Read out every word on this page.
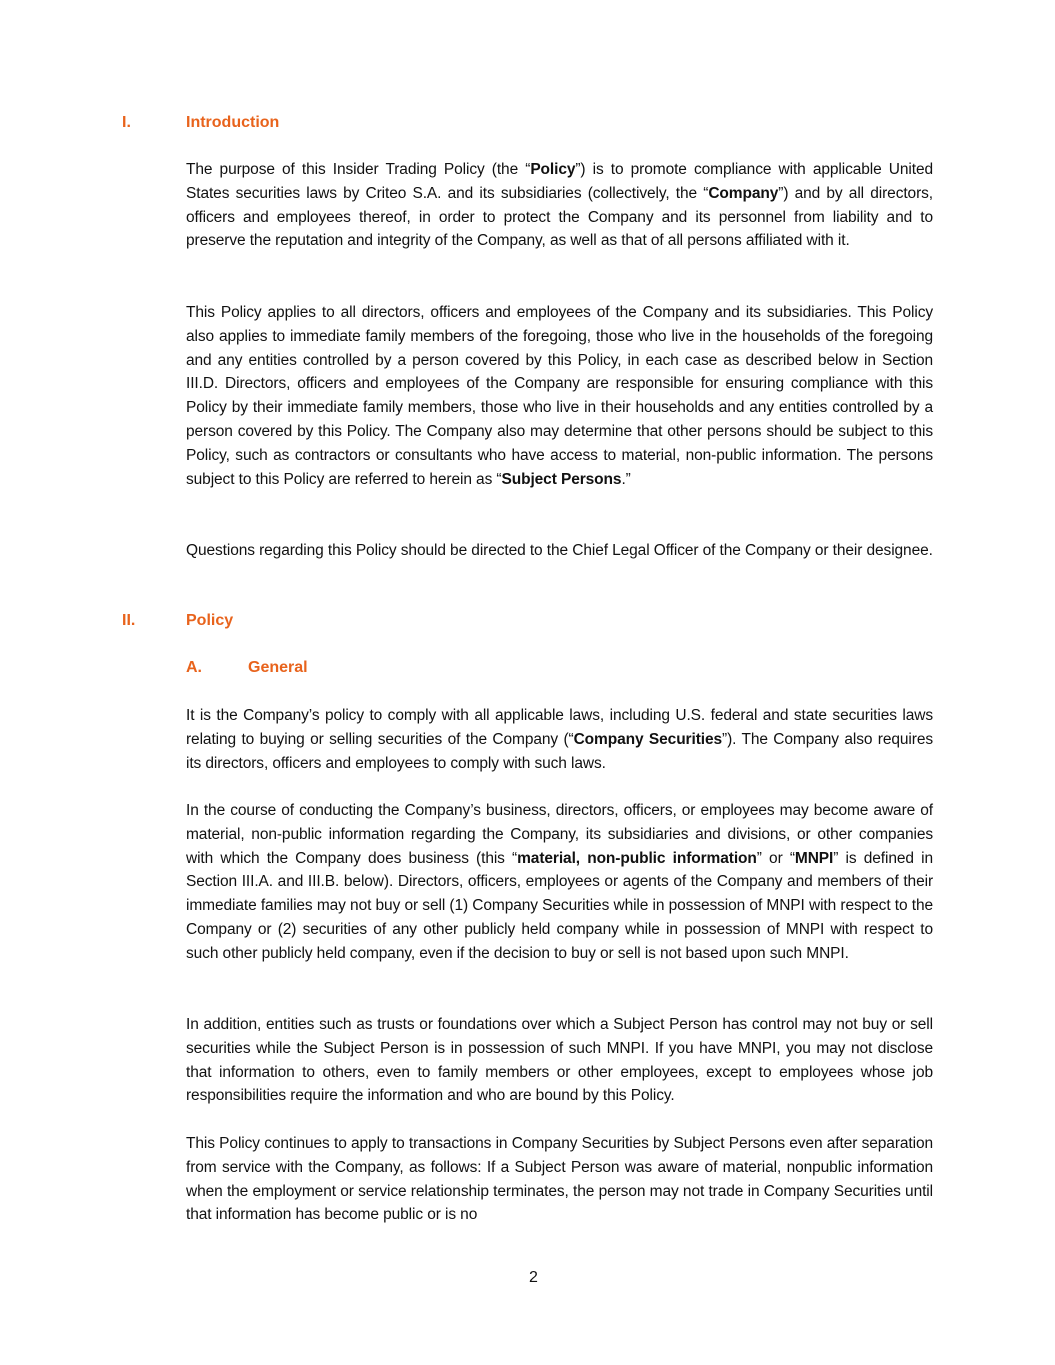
I.	Introduction

The purpose of this Insider Trading Policy (the “Policy”) is to promote compliance with applicable United States securities laws by Criteo S.A. and its subsidiaries (collectively, the “Company”) and by all directors, officers and employees thereof, in order to protect the Company and its personnel from liability and to preserve the reputation and integrity of the Company, as well as that of all persons affiliated with it.

This Policy applies to all directors, officers and employees of the Company and its subsidiaries. This Policy also applies to immediate family members of the foregoing, those who live in the households of the foregoing and any entities controlled by a person covered by this Policy, in each case as described below in Section III.D. Directors, officers and employees of the Company are responsible for ensuring compliance with this Policy by their immediate family members, those who live in their households and any entities controlled by a person covered by this Policy. The Company also may determine that other persons should be subject to this Policy, such as contractors or consultants who have access to material, non-public information. The persons subject to this Policy are referred to herein as “Subject Persons.”

Questions regarding this Policy should be directed to the Chief Legal Officer of the Company or their designee.

II.	Policy
A.	General

It is the Company’s policy to comply with all applicable laws, including U.S. federal and state securities laws relating to buying or selling securities of the Company (“Company Securities”). The Company also requires its directors, officers and employees to comply with such laws.

In the course of conducting the Company’s business, directors, officers, or employees may become aware of material, non-public information regarding the Company, its subsidiaries and divisions, or other companies with which the Company does business (this “material, non-public information” or “MNPI” is defined in Section III.A. and III.B. below). Directors, officers, employees or agents of the Company and members of their immediate families may not buy or sell (1) Company Securities while in possession of MNPI with respect to the Company or (2) securities of any other publicly held company while in possession of MNPI with respect to such other publicly held company, even if the decision to buy or sell is not based upon such MNPI.

In addition, entities such as trusts or foundations over which a Subject Person has control may not buy or sell securities while the Subject Person is in possession of such MNPI. If you have MNPI, you may not disclose that information to others, even to family members or other employees, except to employees whose job responsibilities require the information and who are bound by this Policy.

This Policy continues to apply to transactions in Company Securities by Subject Persons even after separation from service with the Company, as follows: If a Subject Person was aware of material, nonpublic information when the employment or service relationship terminates, the person may not trade in Company Securities until that information has become public or is no

2
